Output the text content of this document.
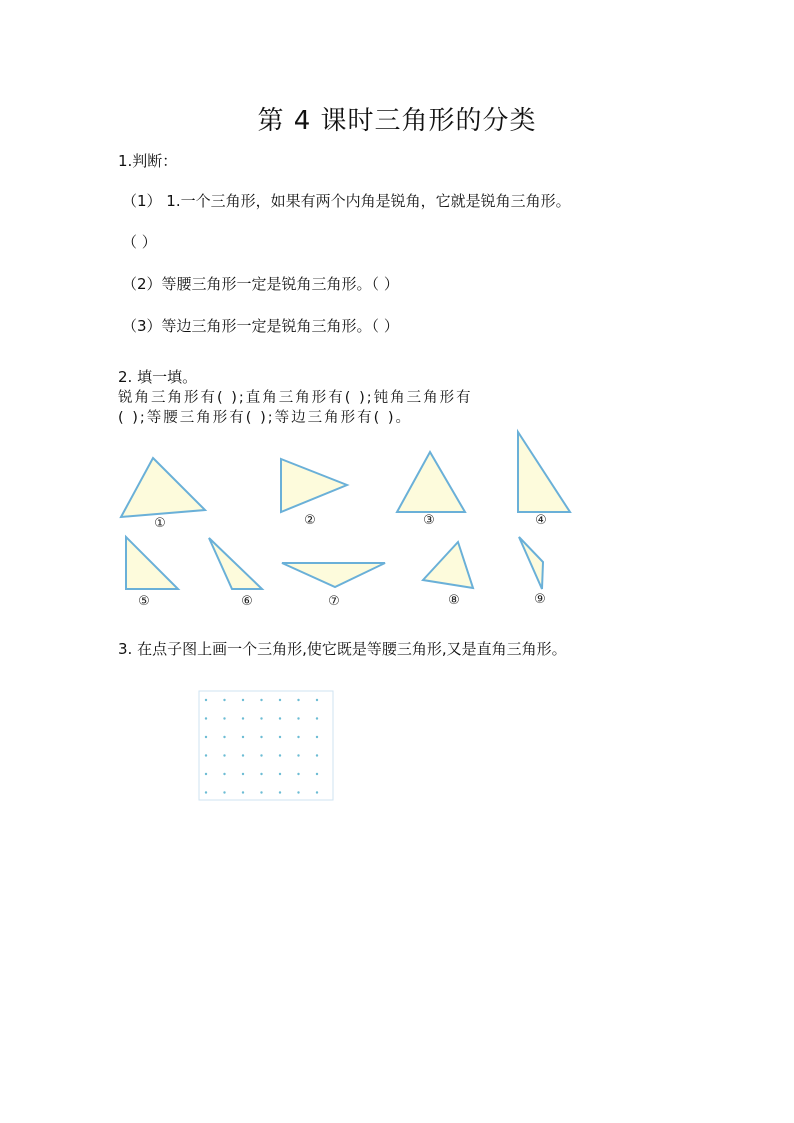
第 4 课时三角形的分类
1.判断：
（1） 1.一个三角形，如果有两个内角是锐角，它就是锐角三角形。
（ ）
（2）等腰三角形一定是锐角三角形。（ ）
（3）等边三角形一定是锐角三角形。（ ）
2. 填一填。
锐角三角形有( );直角三角形有( );钝角三角形有
( );等腰三角形有( );等边三角形有( )。
①	②	③	④
⑤	⑥	⑦	⑧	⑨
3. 在点子图上画一个三角形,使它既是等腰三角形,又是直角三角形。
